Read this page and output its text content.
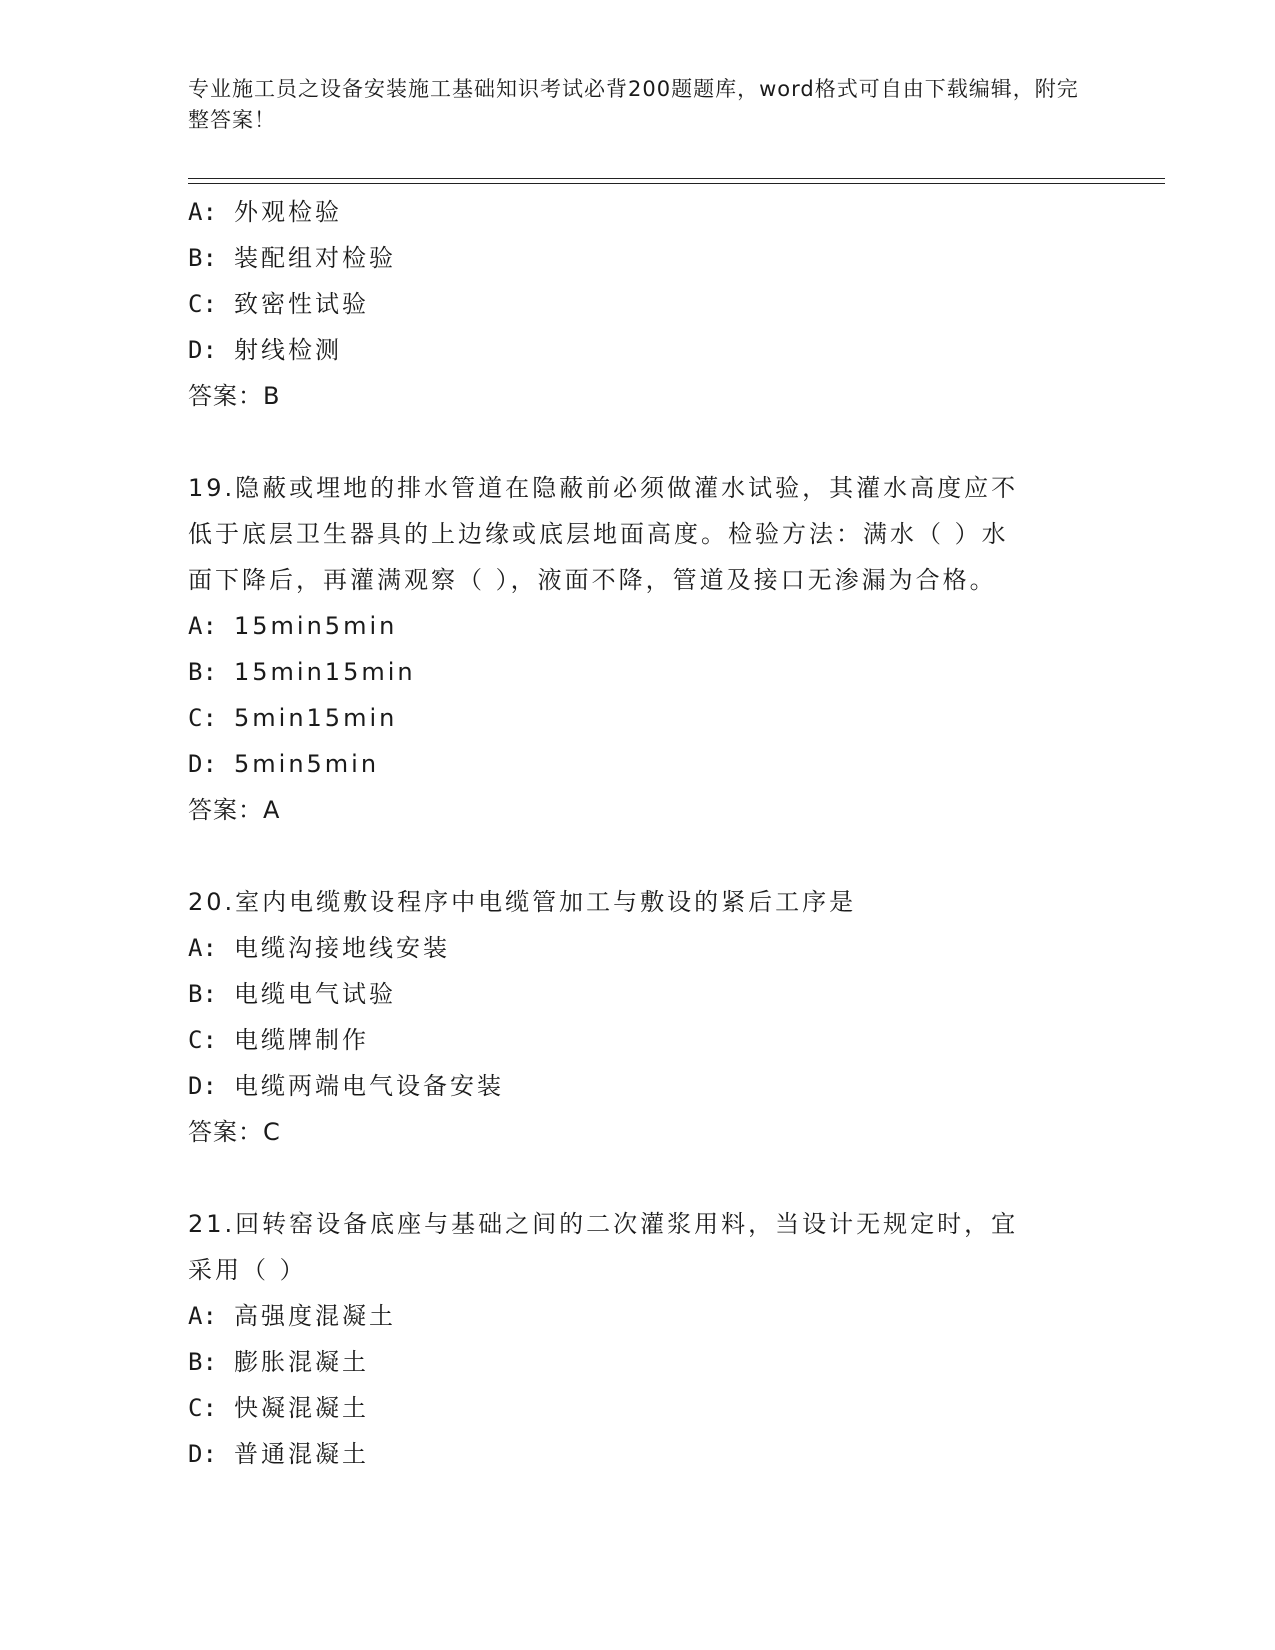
专业施工员之设备安装施工基础知识考试必背200题题库，word格式可自由下载编辑，附完整答案！
A: 外观检验
B: 装配组对检验
C: 致密性试验
D: 射线检测
答案：B
19.隐蔽或埋地的排水管道在隐蔽前必须做灌水试验，其灌水高度应不
低于底层卫生器具的上边缘或底层地面高度。检验方法：满水（ ）水
面下降后，再灌满观察（ ），液面不降，管道及接口无渗漏为合格。
A: 15min5min
B: 15min15min
C: 5min15min
D: 5min5min
答案：A
20.室内电缆敷设程序中电缆管加工与敷设的紧后工序是
A: 电缆沟接地线安装
B: 电缆电气试验
C: 电缆牌制作
D: 电缆两端电气设备安装
答案：C
21.回转窑设备底座与基础之间的二次灌浆用料，当设计无规定时，宜
采用（ ）
A: 高强度混凝土
B: 膨胀混凝土
C: 快凝混凝土
D: 普通混凝土
